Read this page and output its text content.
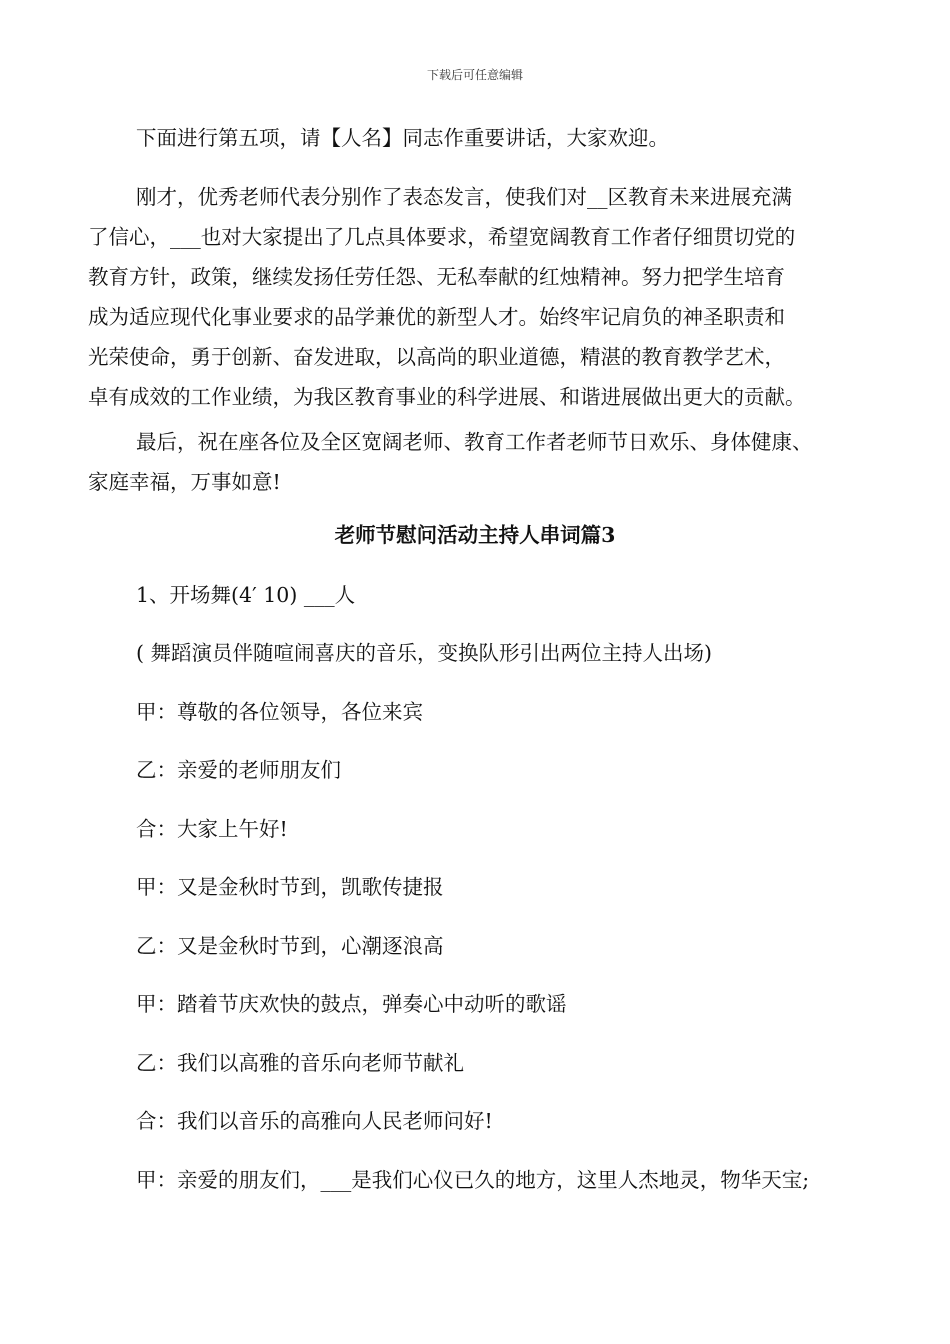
下载后可任意编辑
下面进行第五项，请【人名】同志作重要讲话，大家欢迎。
刚才，优秀老师代表分别作了表态发言，使我们对__区教育未来进展充满
了信心，___也对大家提出了几点具体要求，希望宽阔教育工作者仔细贯切党的
教育方针，政策，继续发扬任劳任怨、无私奉献的红烛精神。努力把学生培育
成为适应现代化事业要求的品学兼优的新型人才。始终牢记肩负的神圣职责和
光荣使命，勇于创新、奋发进取，以高尚的职业道德，精湛的教育教学艺术，
卓有成效的工作业绩，为我区教育事业的科学进展、和谐进展做出更大的贡献。
最后，祝在座各位及全区宽阔老师、教育工作者老师节日欢乐、身体健康、
家庭幸福，万事如意!
老师节慰问活动主持人串词篇3
1、开场舞(4′ 10) ___人
( 舞蹈演员伴随喧闹喜庆的音乐，变换队形引出两位主持人出场)
甲：尊敬的各位领导，各位来宾
乙：亲爱的老师朋友们
合：大家上午好!
甲：又是金秋时节到，凯歌传捷报
乙：又是金秋时节到，心潮逐浪高
甲：踏着节庆欢快的鼓点，弹奏心中动听的歌谣
乙：我们以高雅的音乐向老师节献礼
合：我们以音乐的高雅向人民老师问好!
甲：亲爱的朋友们，___是我们心仪已久的地方，这里人杰地灵，物华天宝;
